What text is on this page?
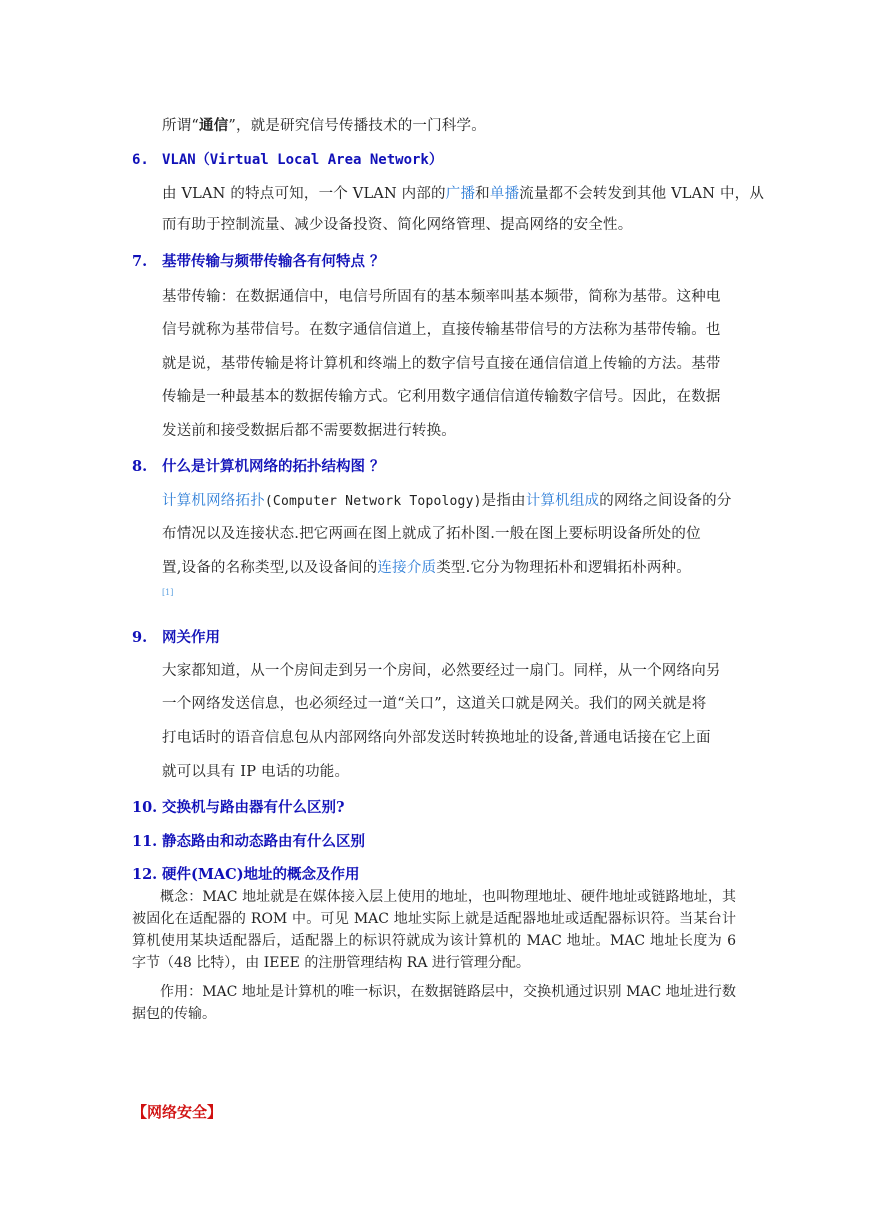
所谓“通信”，就是研究信号传播技术的一门科学。
6. VLAN（Virtual Local Area Network）
由 VLAN 的特点可知，一个 VLAN 内部的广播和单播流量都不会转发到其他 VLAN 中，从
而有助于控制流量、减少设备投资、简化网络管理、提高网络的安全性。
7. 基带传输与频带传输各有何特点 ？
基带传输：在数据通信中，电信号所固有的基本频率叫基本频带，简称为基带。这种电
信号就称为基带信号。在数字通信信道上，直接传输基带信号的方法称为基带传输。也
就是说，基带传输是将计算机和终端上的数字信号直接在通信信道上传输的方法。基带
传输是一种最基本的数据传输方式。它利用数字通信信道传输数字信号。因此，在数据
发送前和接受数据后都不需要数据进行转换。
8. 什么是计算机网络的拓扑结构图 ？
计算机网络拓扑(Computer Network Topology)是指由计算机组成的网络之间设备的分
布情况以及连接状态.把它两画在图上就成了拓朴图.一般在图上要标明设备所处的位
置,设备的名称类型,以及设备间的连接介质类型.它分为物理拓朴和逻辑拓朴两种。
[1]
9. 网关作用
大家都知道，从一个房间走到另一个房间，必然要经过一扇门。同样，从一个网络向另
一个网络发送信息，也必须经过一道“关口”，这道关口就是网关。我们的网关就是将
打电话时的语音信息包从内部网络向外部发送时转换地址的设备,普通电话接在它上面
就可以具有 IP 电话的功能。
10. 交换机与路由器有什么区别?
11. 静态路由和动态路由有什么区别
12. 硬件(MAC)地址的概念及作用
概念：MAC 地址就是在媒体接入层上使用的地址，也叫物理地址、硬件地址或链路地址，其被固化在适配器的 ROM 中。可见 MAC 地址实际上就是适配器地址或适配器标识符。当某台计算机使用某块适配器后，适配器上的标识符就成为该计算机的 MAC 地址。MAC 地址长度为 6 字节（48 比特），由 IEEE 的注册管理结构 RA 进行管理分配。
作用：MAC 地址是计算机的唯一标识，在数据链路层中，交换机通过识别 MAC 地址进行数据包的传输。
【网络安全】
